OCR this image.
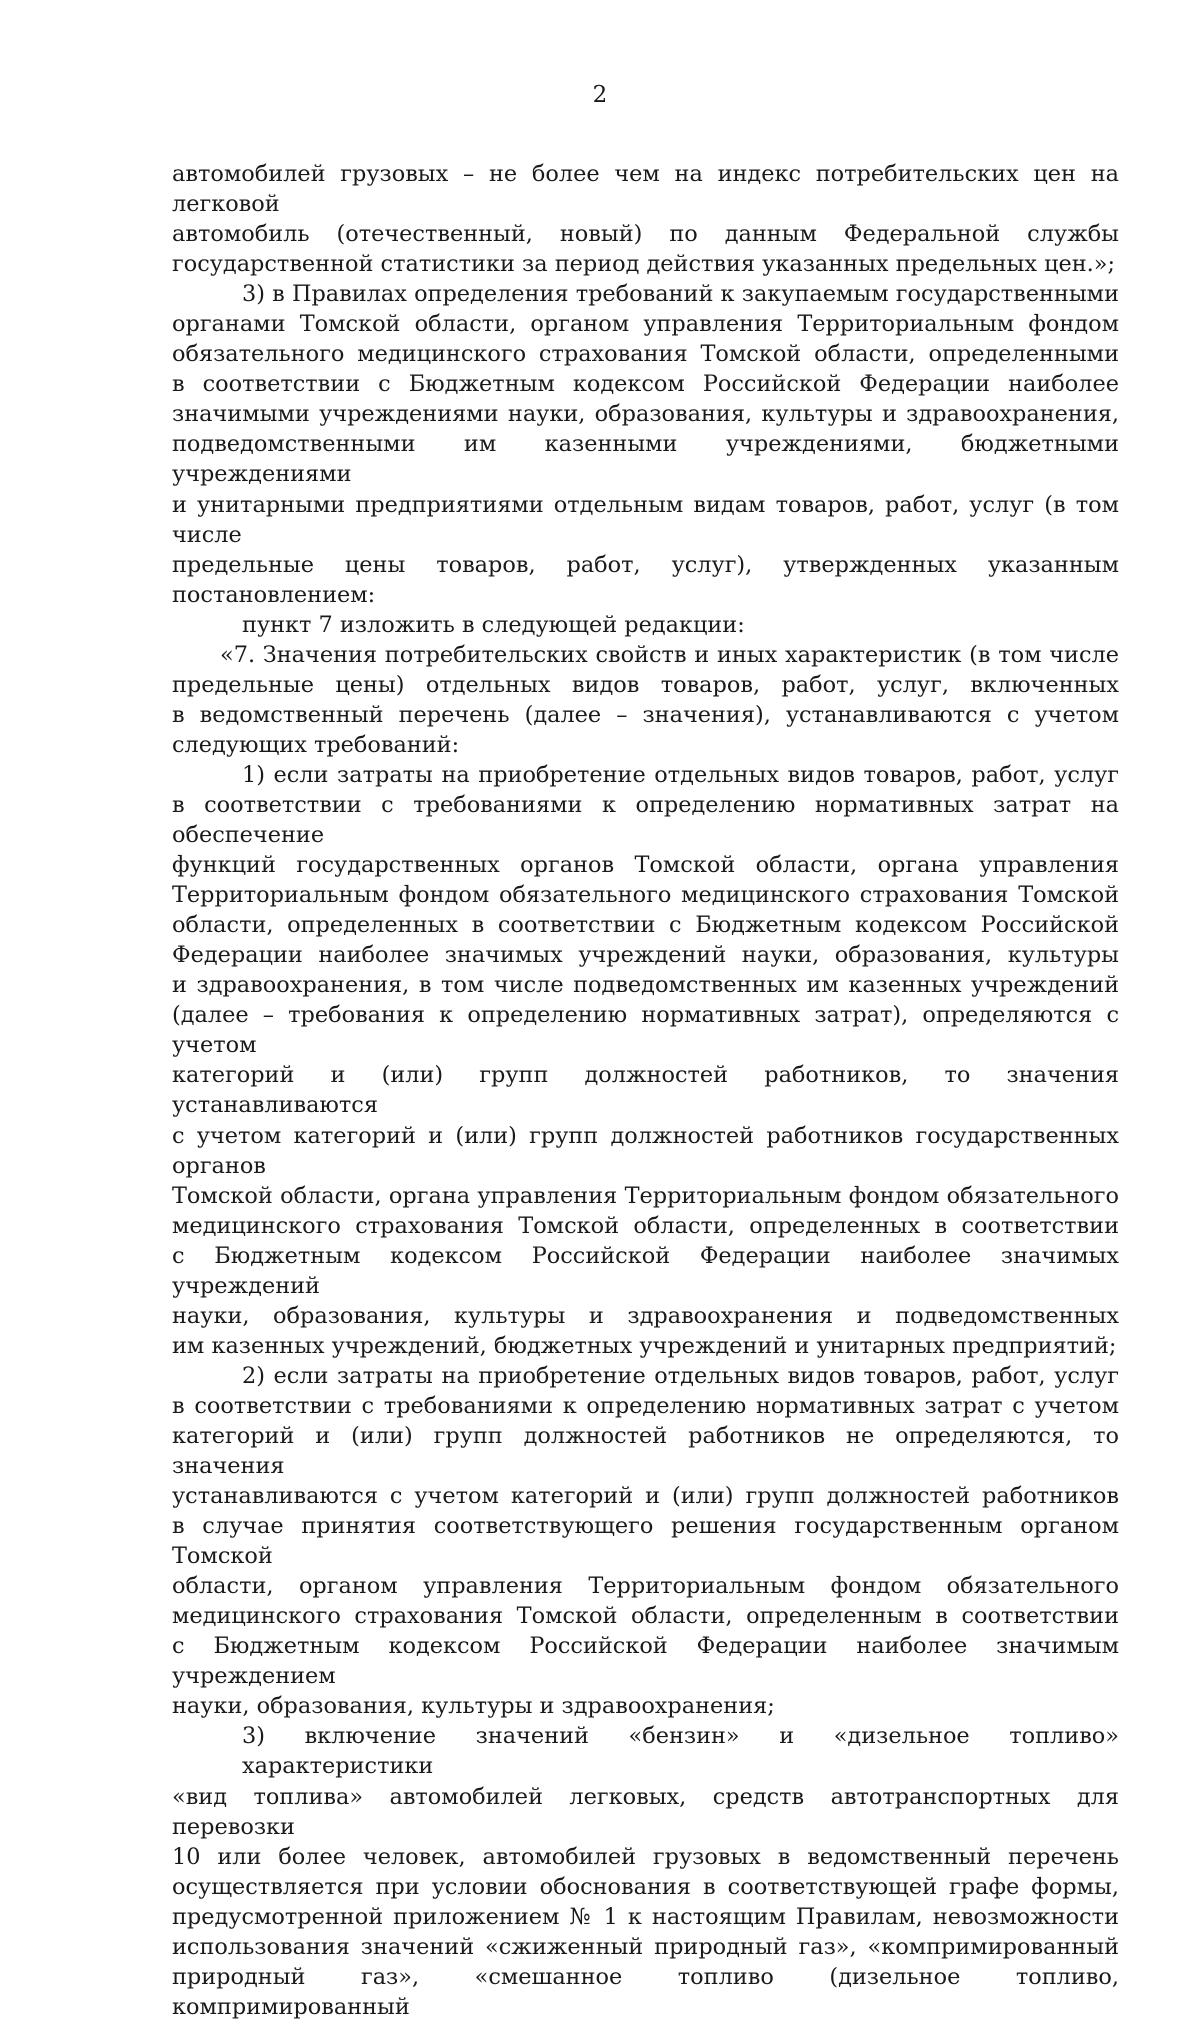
2
автомобилей грузовых – не более чем на индекс потребительских цен на легковой
автомобиль (отечественный, новый) по данным Федеральной службы
государственной статистики за период действия указанных предельных цен.»;
3) в Правилах определения требований к закупаемым государственными
органами Томской области, органом управления Территориальным фондом
обязательного медицинского страхования Томской области, определенными
в соответствии с Бюджетным кодексом Российской Федерации наиболее
значимыми учреждениями науки, образования, культуры и здравоохранения,
подведомственными им казенными учреждениями, бюджетными учреждениями
и унитарными предприятиями отдельным видам товаров, работ, услуг (в том числе
предельные цены товаров, работ, услуг), утвержденных указанным
постановлением:
пункт 7 изложить в следующей редакции:
«7. Значения потребительских свойств и иных характеристик (в том числе
предельные цены) отдельных видов товаров, работ, услуг, включенных
в ведомственный перечень (далее – значения), устанавливаются с учетом
следующих требований:
1) если затраты на приобретение отдельных видов товаров, работ, услуг
в соответствии с требованиями к определению нормативных затрат на обеспечение
функций государственных органов Томской области, органа управления
Территориальным фондом обязательного медицинского страхования Томской
области, определенных в соответствии с Бюджетным кодексом Российской
Федерации наиболее значимых учреждений науки, образования, культуры
и здравоохранения, в том числе подведомственных им казенных учреждений
(далее – требования к определению нормативных затрат), определяются с учетом
категорий и (или) групп должностей работников, то значения устанавливаются
с учетом категорий и (или) групп должностей работников государственных органов
Томской области, органа управления Территориальным фондом обязательного
медицинского страхования Томской области, определенных в соответствии
с Бюджетным кодексом Российской Федерации наиболее значимых учреждений
науки, образования, культуры и здравоохранения и подведомственных
им казенных учреждений, бюджетных учреждений и унитарных предприятий;
2) если затраты на приобретение отдельных видов товаров, работ, услуг
в соответствии с требованиями к определению нормативных затрат с учетом
категорий и (или) групп должностей работников не определяются, то значения
устанавливаются с учетом категорий и (или) групп должностей работников
в случае принятия соответствующего решения государственным органом Томской
области, органом управления Территориальным фондом обязательного
медицинского страхования Томской области, определенным в соответствии
с Бюджетным кодексом Российской Федерации наиболее значимым учреждением
науки, образования, культуры и здравоохранения;
3) включение значений «бензин» и «дизельное топливо» характеристики
«вид топлива» автомобилей легковых, средств автотранспортных для перевозки
10 или более человек, автомобилей грузовых в ведомственный перечень
осуществляется при условии обоснования в соответствующей графе формы,
предусмотренной приложением № 1 к настоящим Правилам, невозможности
использования значений «сжиженный природный газ», «компримированный
природный газ», «смешанное топливо (дизельное топливо, компримированный
